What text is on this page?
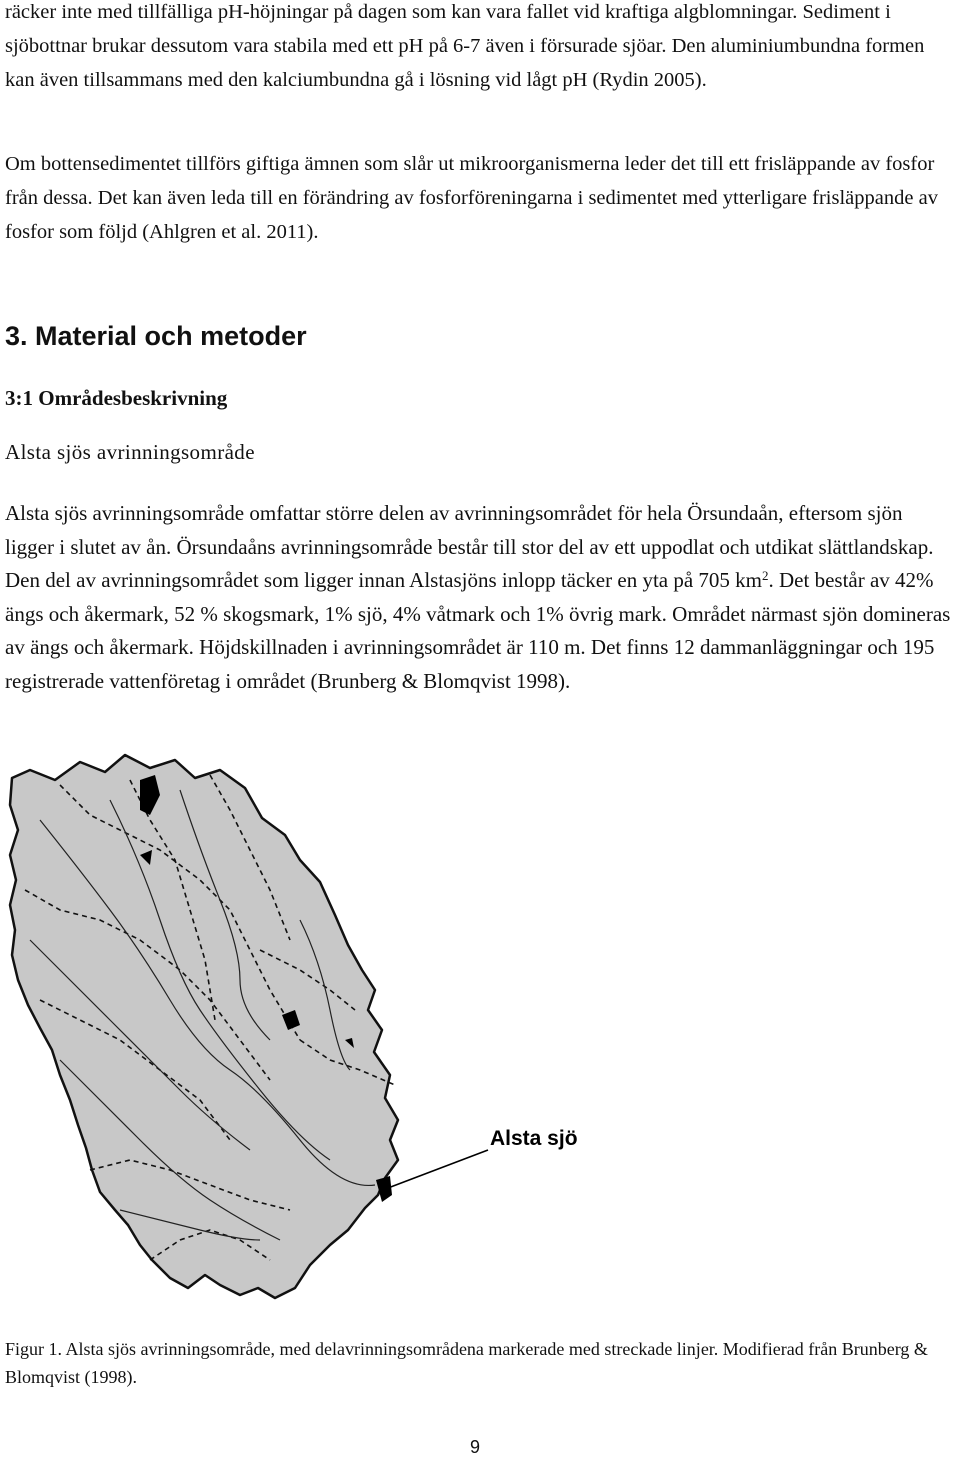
räcker inte med tillfälliga pH-höjningar på dagen som kan vara fallet vid kraftiga algblomningar. Sediment i sjöbottnar brukar dessutom vara stabila med ett pH på 6-7 även i försurade sjöar. Den aluminiumbundna formen kan även tillsammans med den kalciumbundna gå i lösning vid lågt pH (Rydin 2005).

Om bottensedimentet tillförs giftiga ämnen som slår ut mikroorganismerna leder det till ett frisläppande av fosfor från dessa. Det kan även leda till en förändring av fosforföreningarna i sedimentet med ytterligare frisläppande av fosfor som följd (Ahlgren et al. 2011).

3. Material och metoder
3:1 Områdesbeskrivning
Alsta sjös avrinningsområde

Alsta sjös avrinningsområde omfattar större delen av avrinningsområdet för hela Örsundaån, eftersom sjön ligger i slutet av ån. Örsundaåns avrinningsområde består till stor del av ett uppodlat och utdikat slättlandskap. Den del av avrinningsområdet som ligger innan Alstasjöns inlopp täcker en yta på 705 $km^2$. Det består av 42% ängs och åkermark, 52 % skogsmark, 1% sjö, 4% våtmark och 1% övrig mark. Området närmast sjön domineras av ängs och åkermark. Höjdskillnaden i avrinningsområdet är 110 m. Det finns 12 dammanläggningar och 195 registrerade vattenföretag i området (Brunberg & Blomqvist 1998).

Alsta sjö

Figur 1. Alsta sjös avrinningsområde, med delavrinningsområdena markerade med streckade linjer. Modifierad från Brunberg & Blomqvist (1998).

9
